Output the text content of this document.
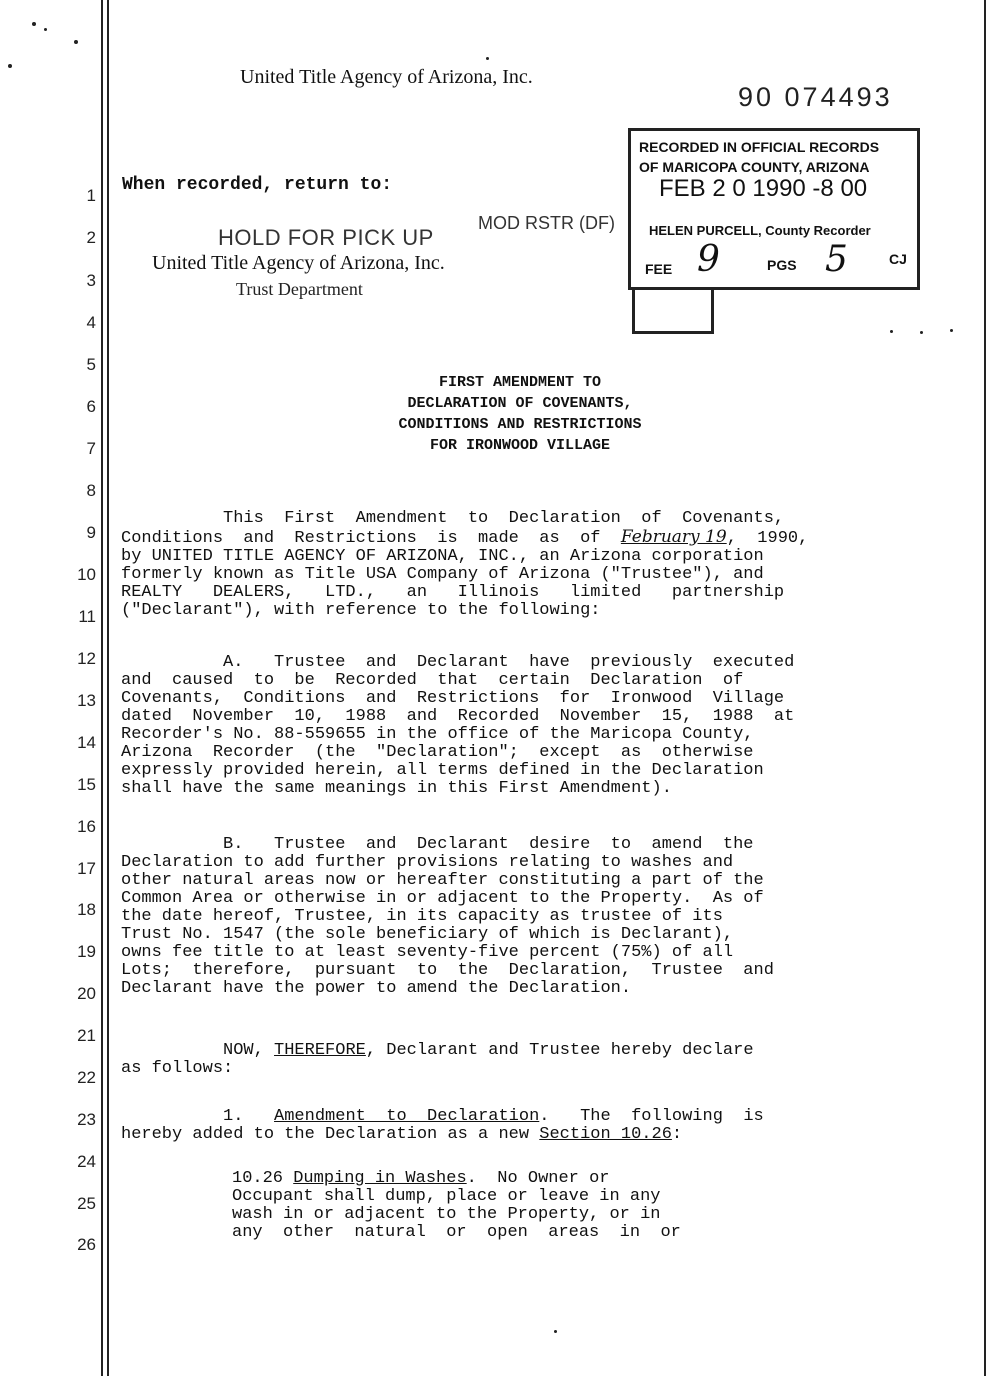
United Title Agency of Arizona, Inc.
90 074493
When recorded, return to:
HOLD FOR PICK UP
United Title Agency of Arizona, Inc.
Trust Department
MOD RSTR (DF)
RECORDED IN OFFICIAL RECORDS
OF MARICOPA COUNTY, ARIZONA
FEB 2 0 1990 -8 00
HELEN PURCELL, County Recorder
FEE 9	PGS 5	CJ
1
2
3
4
5
6
7
8
9
10
11
12
13
14
15
16
17
18
19
20
21
22
23
24
25
26
FIRST AMENDMENT TO
DECLARATION OF COVENANTS,
CONDITIONS AND RESTRICTIONS
FOR IRONWOOD VILLAGE

This  First  Amendment  to  Declaration  of  Covenants,
Conditions  and  Restrictions  is  made  as  of  February 19,  1990,
by UNITED TITLE AGENCY OF ARIZONA, INC., an Arizona corporation
formerly known as Title USA Company of Arizona ("Trustee"), and
REALTY   DEALERS,   LTD.,   an   Illinois   limited   partnership
("Declarant"), with reference to the following:

A.   Trustee  and  Declarant  have  previously  executed
and  caused  to  be  Recorded  that  certain  Declaration  of
Covenants,  Conditions  and  Restrictions  for  Ironwood  Village
dated  November  10,  1988  and  Recorded  November  15,  1988  at
Recorder's No. 88-559655 in the office of the Maricopa County,
Arizona  Recorder  (the  "Declaration";  except  as  otherwise
expressly provided herein, all terms defined in the Declaration
shall have the same meanings in this First Amendment).

B.   Trustee  and  Declarant  desire  to  amend  the
Declaration to add further provisions relating to washes and
other natural areas now or hereafter constituting a part of the
Common Area or otherwise in or adjacent to the Property.  As of
the date hereof, Trustee, in its capacity as trustee of its
Trust No. 1547 (the sole beneficiary of which is Declarant),
owns fee title to at least seventy-five percent (75%) of all
Lots;  therefore,  pursuant  to  the  Declaration,  Trustee  and
Declarant have the power to amend the Declaration.

NOW, THEREFORE, Declarant and Trustee hereby declare
as follows:

1.   Amendment  to  Declaration.   The  following  is
hereby added to the Declaration as a new Section 10.26:

10.26 Dumping in Washes.  No Owner or
Occupant shall dump, place or leave in any
wash in or adjacent to the Property, or in
any  other  natural  or  open  areas  in  or
